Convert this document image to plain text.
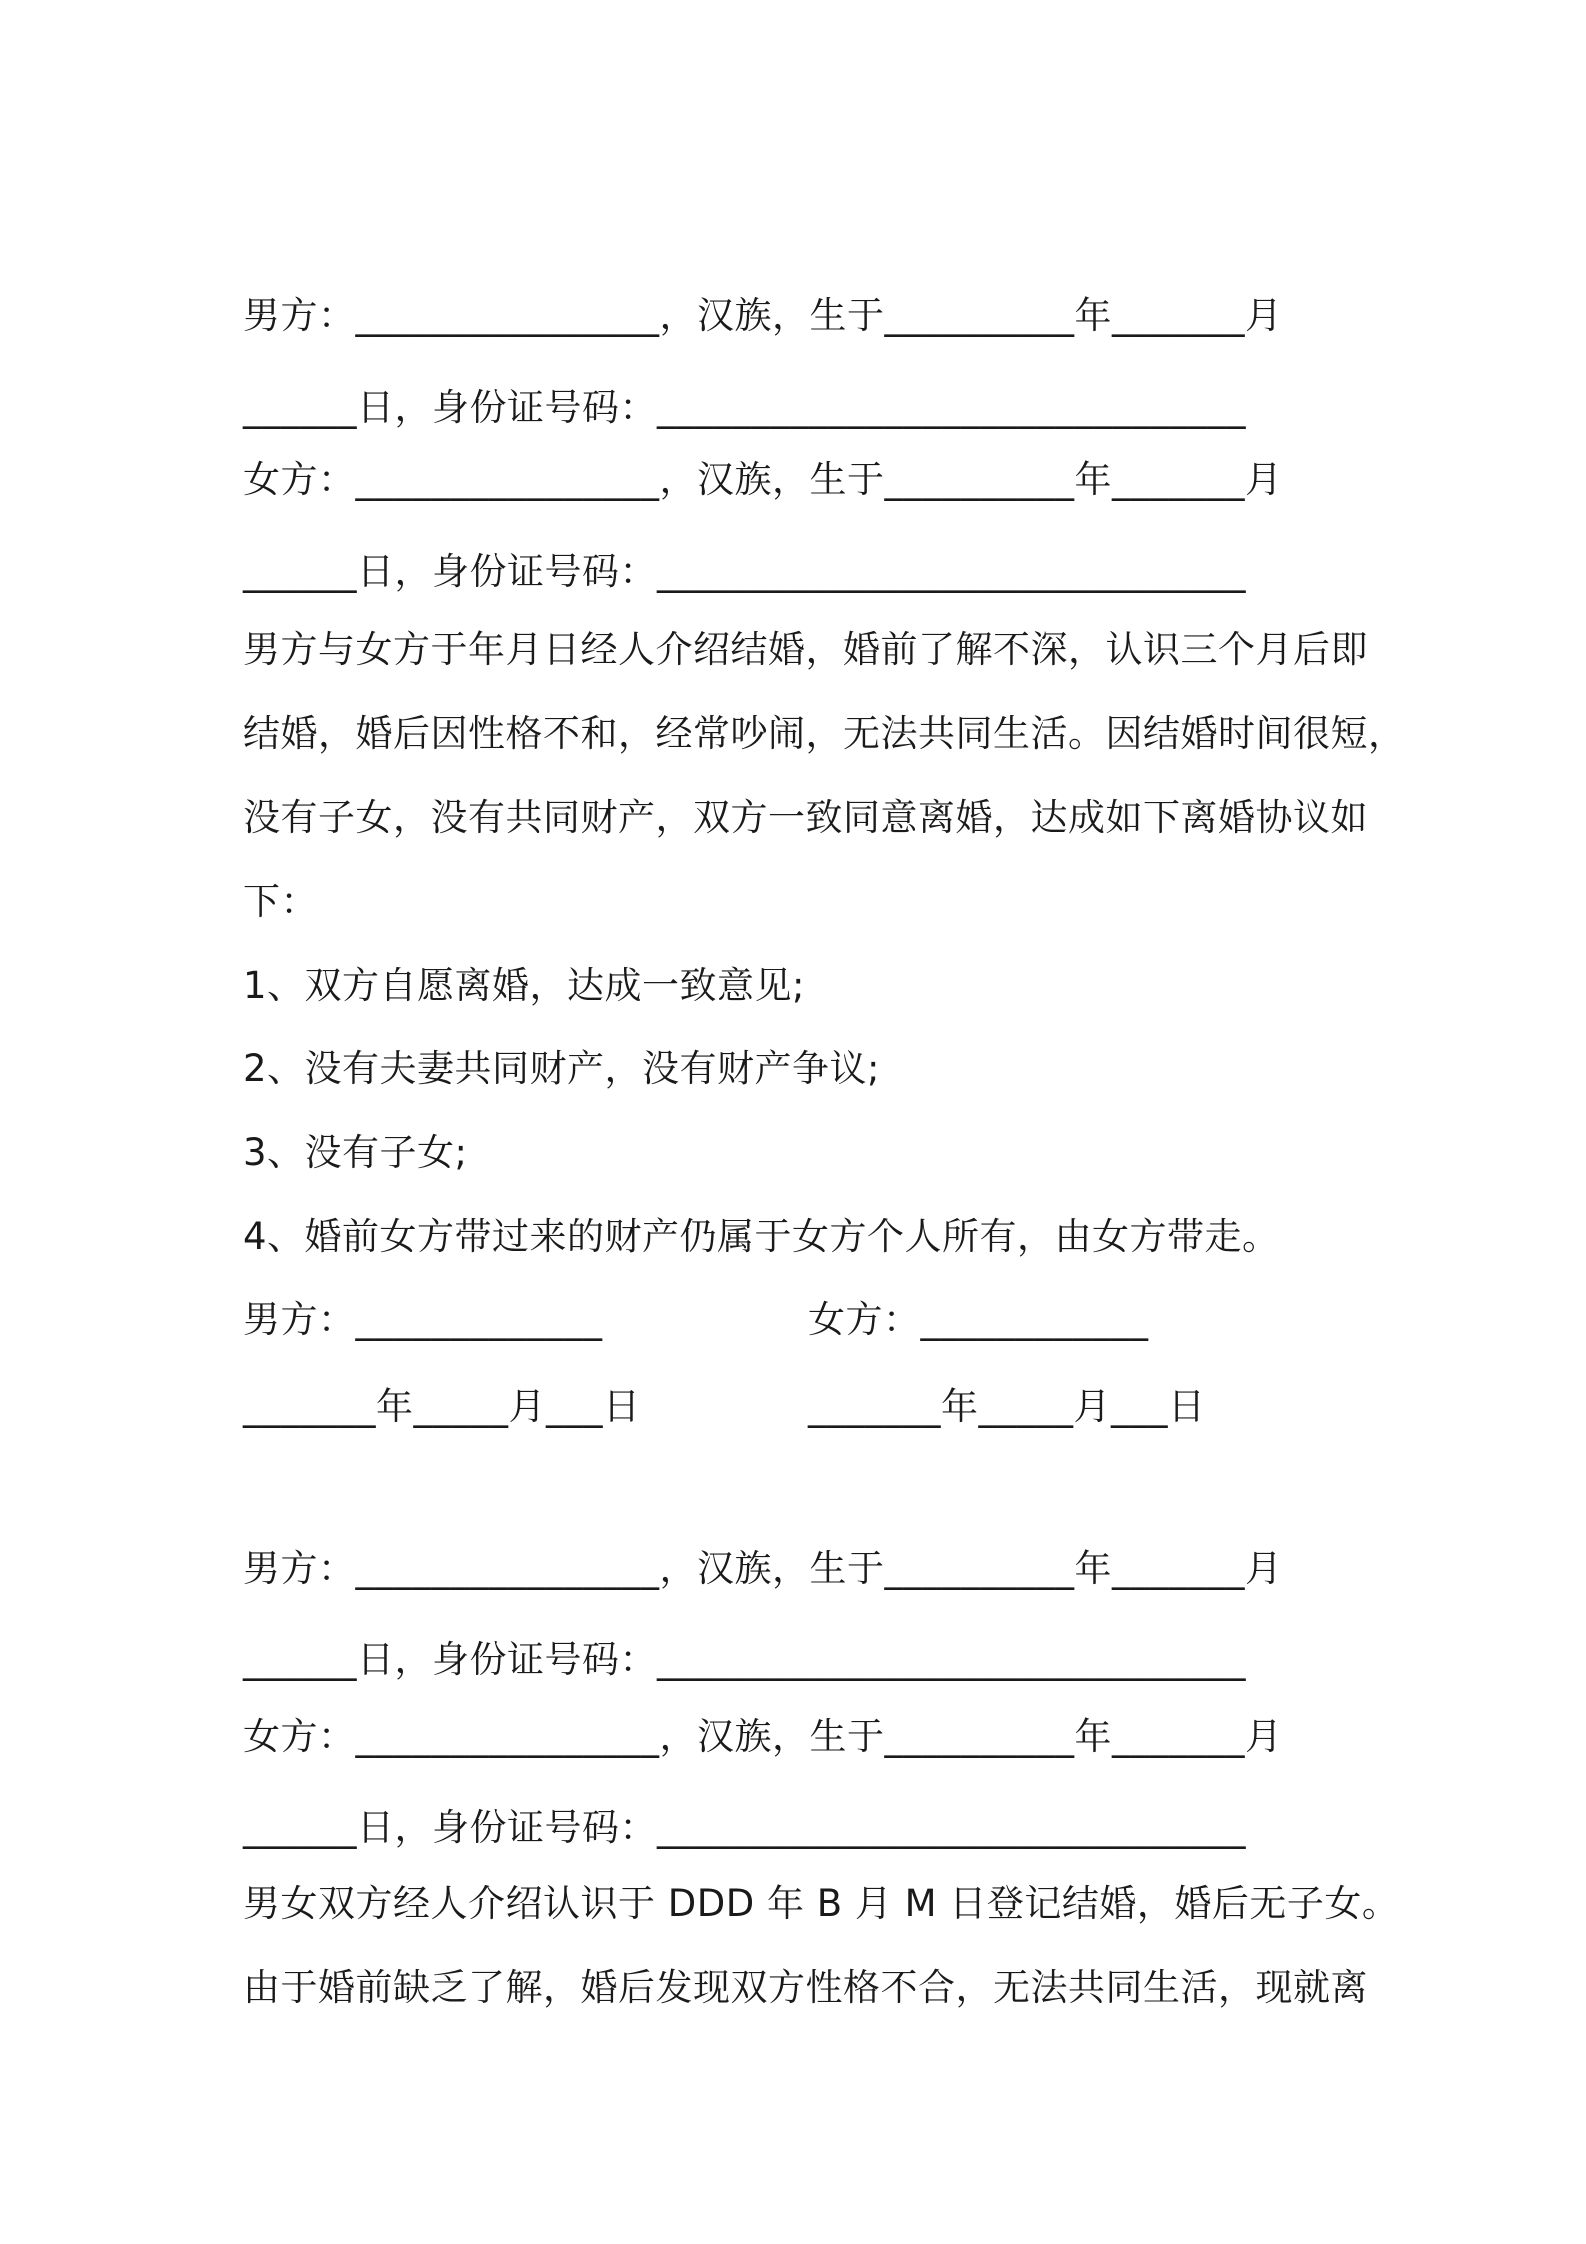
男方：________________，汉族，生于__________年_______月
______日，身份证号码：_______________________________
女方：________________，汉族，生于__________年_______月
______日，身份证号码：_______________________________
男方与女方于年月日经人介绍结婚，婚前了解不深，认识三个月后即
结婚，婚后因性格不和，经常吵闹，无法共同生活。因结婚时间很短，
没有子女，没有共同财产，双方一致同意离婚，达成如下离婚协议如
下：
1、双方自愿离婚，达成一致意见;
2、没有夫妻共同财产，没有财产争议;
3、没有子女;
4、婚前女方带过来的财产仍属于女方个人所有，由女方带走。
男方：_____________	女方：____________
_______年_____月___日	_______年_____月___日
男方：________________，汉族，生于__________年_______月
______日，身份证号码：_______________________________
女方：________________，汉族，生于__________年_______月
______日，身份证号码：_______________________________
男女双方经人介绍认识于 DDD 年 B 月 M 日登记结婚，婚后无子女。
由于婚前缺乏了解，婚后发现双方性格不合，无法共同生活，现就离
